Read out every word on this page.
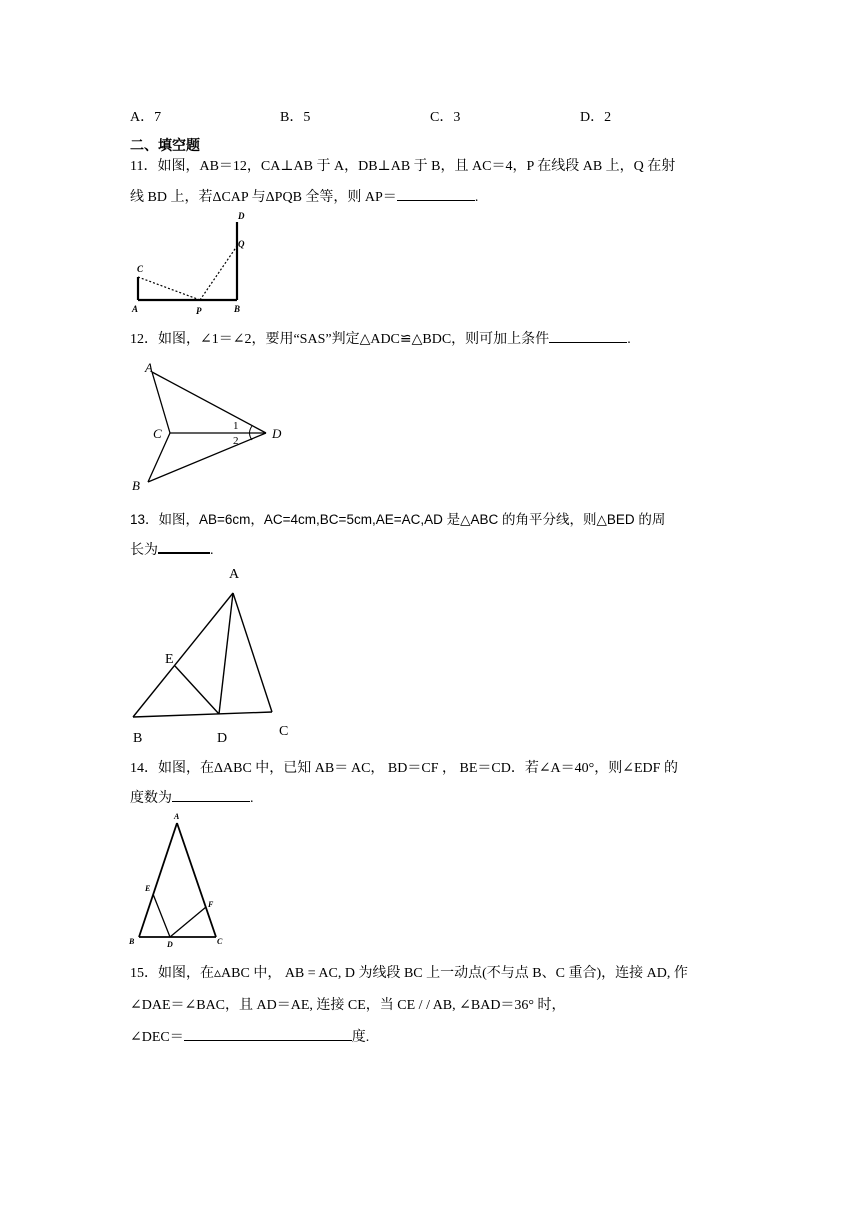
A．7	B．5	C．3	D．2
二、填空题
11．如图，AB＝12，CA⊥AB 于 A，DB⊥AB 于 B，且 AC＝4，P 在线段 AB 上，Q 在射
线 BD 上，若ΔCAP 与ΔPQB 全等，则 AP＝	.
D
Q
C
A	P	B
12．如图，∠1＝∠2，要用“SAS”判定△ADC≌△BDC，则可加上条件	.
A
C
B
D
1
2
13．如图，AB=6cm，AC=4cm,BC=5cm,AE=AC,AD 是△ABC 的角平分线，则△BED 的周
长为	.
A
E
B	D	C
14．如图，在ΔABC 中，已知 AB＝ AC， BD＝CF ， BE＝CD．若∠A＝40°，则∠EDF 的
度数为	.
A
E
F
B	D	C
15．如图，在▵ABC 中， AB = AC, D 为线段 BC 上一动点(不与点 B、C 重合)，连接 AD, 作
∠DAE＝∠BAC，且 AD＝AE, 连接 CE，当 CE / / AB, ∠BAD＝36° 时，
∠DEC＝	度.
